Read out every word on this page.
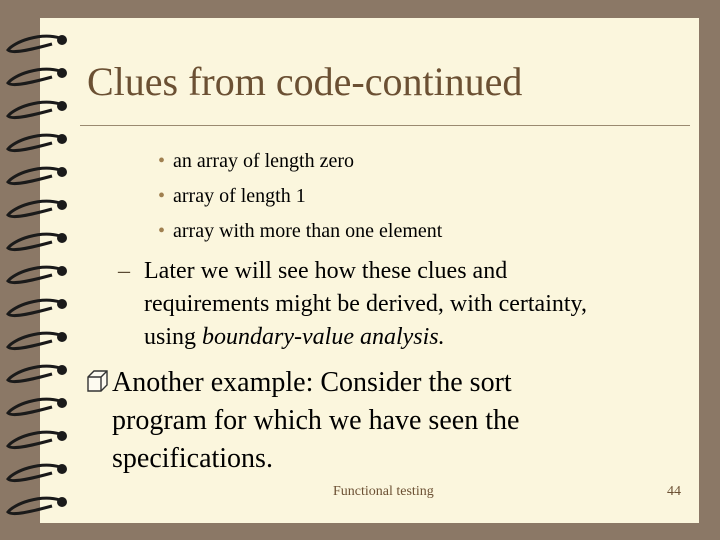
Clues from code-continued
• an array of length zero
• array of length 1
• array with more than one element
– Later we will see how these clues and
requirements might be derived, with certainty,
using boundary-value analysis.
Another example: Consider the sort
program for which we have seen the
specifications.
Functional testing	44
